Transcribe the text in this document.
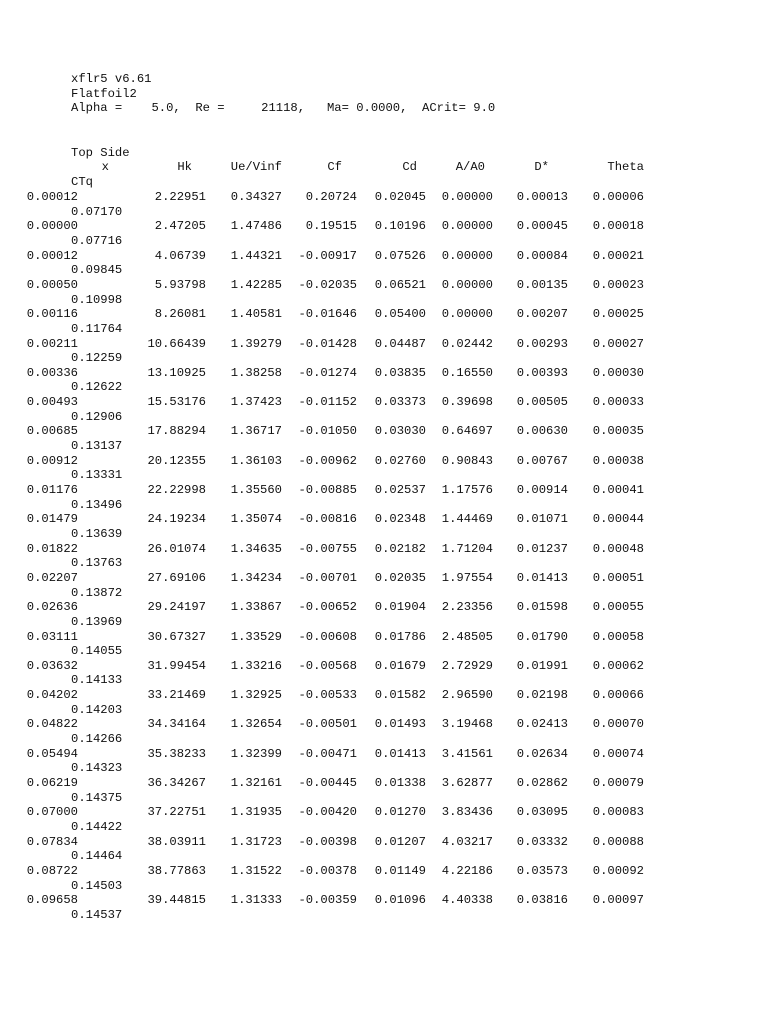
xflr5 v6.61
Flatfoil2
Alpha =    5.0,  Re =     21118,   Ma= 0.0000,  ACrit= 9.0
Top Side
x	Hk	Ue/Vinf	Cf	Cd	A/A0	D*	Theta
CTq
0.00012	2.22951 0.34327 0.20724 0.02045 0.00000 0.00013 0.00006
0.07170
0.00000	2.47205 1.47486 0.19515 0.10196 0.00000 0.00045 0.00018
0.07716
0.00012	4.06739 1.44321 -0.00917 0.07526 0.00000 0.00084 0.00021
0.09845
0.00050	5.93798 1.42285 -0.02035 0.06521 0.00000 0.00135 0.00023
0.10998
0.00116	8.26081 1.40581 -0.01646 0.05400 0.00000 0.00207 0.00025
0.11764
0.00211	10.66439 1.39279 -0.01428 0.04487 0.02442 0.00293 0.00027
0.12259
0.00336	13.10925 1.38258 -0.01274 0.03835 0.16550 0.00393 0.00030
0.12622
0.00493	15.53176 1.37423 -0.01152 0.03373 0.39698 0.00505 0.00033
0.12906
0.00685	17.88294 1.36717 -0.01050 0.03030 0.64697 0.00630 0.00035
0.13137
0.00912	20.12355 1.36103 -0.00962 0.02760 0.90843 0.00767 0.00038
0.13331
0.01176	22.22998 1.35560 -0.00885 0.02537 1.17576 0.00914 0.00041
0.13496
0.01479	24.19234 1.35074 -0.00816 0.02348 1.44469 0.01071 0.00044
0.13639
0.01822	26.01074 1.34635 -0.00755 0.02182 1.71204 0.01237 0.00048
0.13763
0.02207	27.69106 1.34234 -0.00701 0.02035 1.97554 0.01413 0.00051
0.13872
0.02636	29.24197 1.33867 -0.00652 0.01904 2.23356 0.01598 0.00055
0.13969
0.03111	30.67327 1.33529 -0.00608 0.01786 2.48505 0.01790 0.00058
0.14055
0.03632	31.99454 1.33216 -0.00568 0.01679 2.72929 0.01991 0.00062
0.14133
0.04202	33.21469 1.32925 -0.00533 0.01582 2.96590 0.02198 0.00066
0.14203
0.04822	34.34164 1.32654 -0.00501 0.01493 3.19468 0.02413 0.00070
0.14266
0.05494	35.38233 1.32399 -0.00471 0.01413 3.41561 0.02634 0.00074
0.14323
0.06219	36.34267 1.32161 -0.00445 0.01338 3.62877 0.02862 0.00079
0.14375
0.07000	37.22751 1.31935 -0.00420 0.01270 3.83436 0.03095 0.00083
0.14422
0.07834	38.03911 1.31723 -0.00398 0.01207 4.03217 0.03332 0.00088
0.14464
0.08722	38.77863 1.31522 -0.00378 0.01149 4.22186 0.03573 0.00092
0.14503
0.09658	39.44815 1.31333 -0.00359 0.01096 4.40338 0.03816 0.00097
0.14537
